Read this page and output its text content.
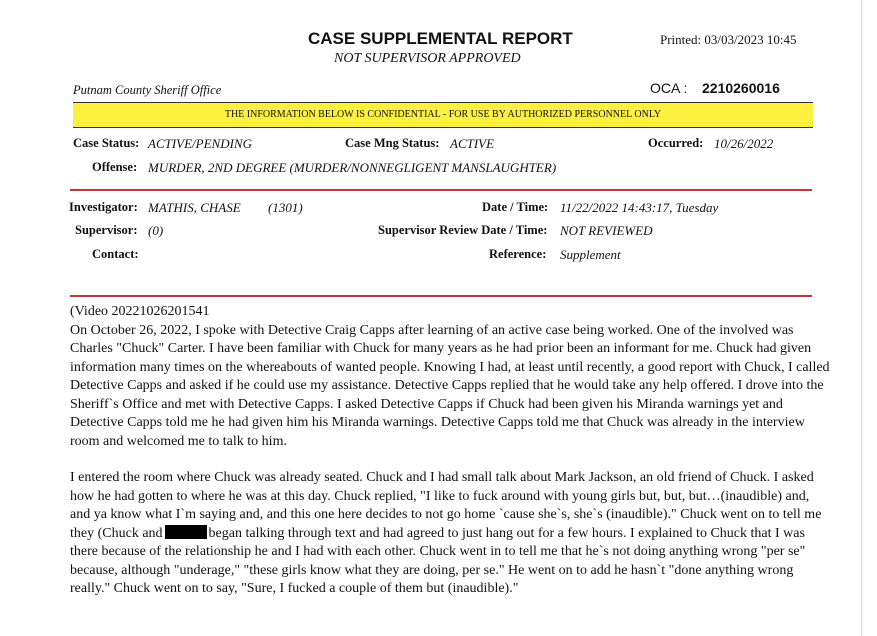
CASE SUPPLEMENTAL REPORT
NOT SUPERVISOR APPROVED
Printed: 03/03/2023 10:45
Putnam County Sheriff Office	OCA : 2210260016
THE INFORMATION BELOW IS CONFIDENTIAL - FOR USE BY AUTHORIZED PERSONNEL ONLY
Case Status: ACTIVE/PENDING	Case Mng Status: ACTIVE	Occurred: 10/26/2022
Offense: MURDER, 2ND DEGREE (MURDER/NONNEGLIGENT MANSLAUGHTER)
Investigator: MATHIS, CHASE (1301)	Date / Time: 11/22/2022 14:43:17, Tuesday
Supervisor: (0)	Supervisor Review Date / Time: NOT REVIEWED
Contact:	Reference: Supplement

(Video 20221026201541

On October 26, 2022, I spoke with Detective Craig Capps after learning of an active case being worked. One of the involved was Charles "Chuck" Carter. I have been familiar with Chuck for many years as he had prior been an informant for me. Chuck had given information many times on the whereabouts of wanted people. Knowing I had, at least until recently, a good report with Chuck, I called Detective Capps and asked if he could use my assistance. Detective Capps replied that he would take any help offered. I drove into the Sheriff`s Office and met with Detective Capps. I asked Detective Capps if Chuck had been given his Miranda warnings yet and Detective Capps told me he had given him his Miranda warnings. Detective Capps told me that Chuck was already in the interview room and welcomed me to talk to him.

I entered the room where Chuck was already seated. Chuck and I had small talk about Mark Jackson, an old friend of Chuck. I asked how he had gotten to where he was at this day. Chuck replied, "I like to fuck around with young girls but, but, but…(inaudible) and, and ya know what I`m saying and, and this one here decides to not go home `cause she`s, she`s (inaudible)." Chuck went on to tell me they (Chuck and	began talking through text and had agreed to just hang out for a few hours. I explained to Chuck that I was there because of the relationship he and I had with each other. Chuck went in to tell me that he`s not doing anything wrong "per se" because, although "underage," "these girls know what they are doing, per se." He went on to add he hasn`t "done anything wrong really." Chuck went on to say, "Sure, I fucked a couple of them but (inaudible)."
